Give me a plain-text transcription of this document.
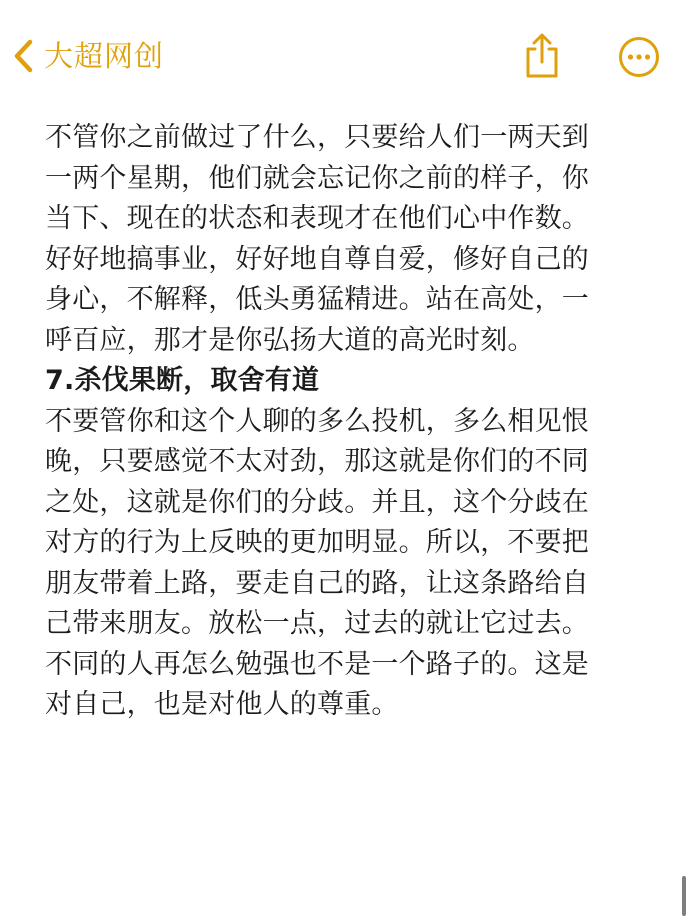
大超网创

不管你之前做过了什么，只要给人们一两天到
一两个星期，他们就会忘记你之前的样子，你
当下、现在的状态和表现才在他们心中作数。
好好地搞事业，好好地自尊自爱，修好自己的
身心，不解释，低头勇猛精进。站在高处，一
呼百应，那才是你弘扬大道的高光时刻。

7.杀伐果断，取舍有道

不要管你和这个人聊的多么投机，多么相见恨
晚，只要感觉不太对劲，那这就是你们的不同
之处，这就是你们的分歧。并且，这个分歧在
对方的行为上反映的更加明显。所以，不要把
朋友带着上路，要走自己的路，让这条路给自
己带来朋友。放松一点，过去的就让它过去。
不同的人再怎么勉强也不是一个路子的。这是
对自己，也是对他人的尊重。
